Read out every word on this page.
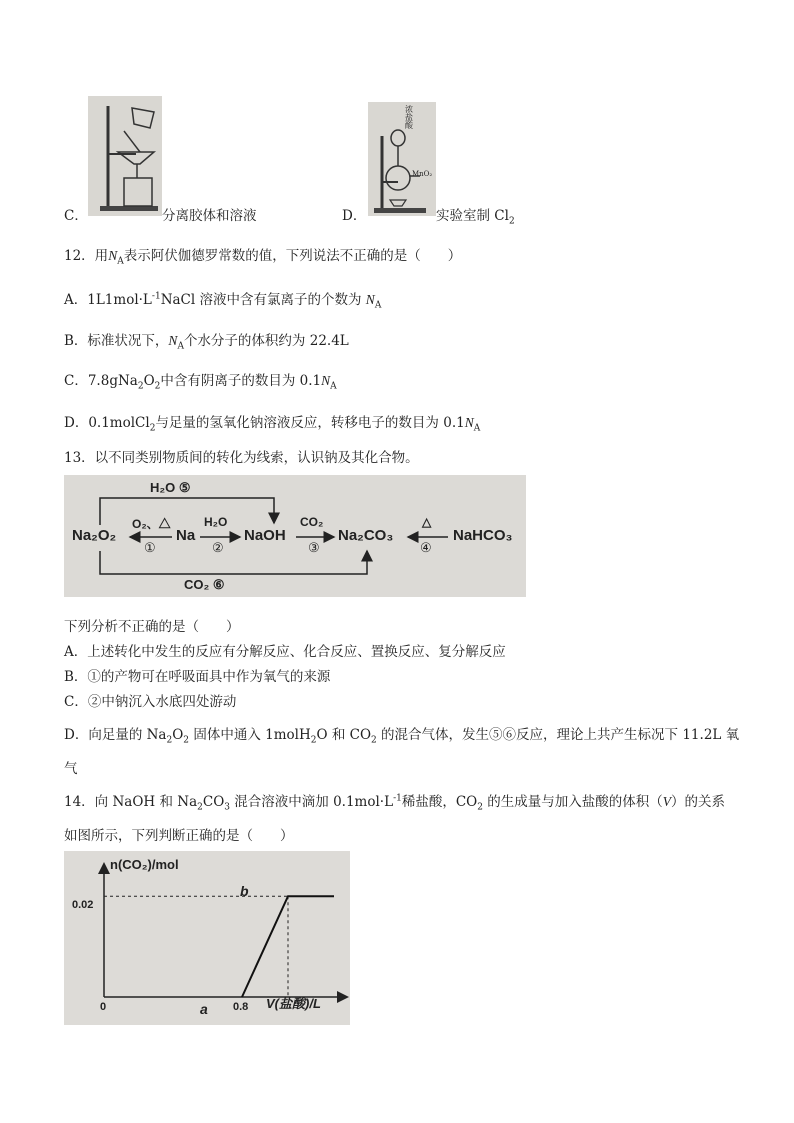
C．	分离胶体和溶液
浓
盐
酸
MnO₂
D．	实验室制 $Cl_2$
12．用$N_A$表示阿伏伽德罗常数的值，下列说法不正确的是（　　）
A．$1L1mol\cdot L^{-1}NaCl$ 溶液中含有氯离子的个数为 $N_A$
B．标准状况下，$N_A$个水分子的体积约为 22.4L
C．$7.8gNa_2O_2$中含有阴离子的数目为 $0.1N_A$
D．0.1molCl$_2$与足量的氢氧化钠溶液反应，转移电子的数目为 $0.1N_A$
13．以不同类别物质间的转化为线索，认识钠及其化合物。
H₂O ⑤
CO₂ ⑥
Na₂O₂	Na	NaOH	Na₂CO₃	NaHCO₃
O₂、△
①
H₂O
②
CO₂
③
△
④
下列分析不正确的是（　　）
A．上述转化中发生的反应有分解反应、化合反应、置换反应、复分解反应
B．①的产物可在呼吸面具中作为氧气的来源
C．②中钠沉入水底四处游动
D．向足量的 $Na_2O_2$ 固体中通入 1molH$_2$O 和 $CO_2$ 的混合气体，发生⑤⑥反应，理论上共产生标况下 11.2L 氧
气
14．向 NaOH 和 $Na_2CO_3$ 混合溶液中滴加 $0.1mol\cdot L^{-1}$稀盐酸，$CO_2$ 的生成量与加入盐酸的体积（V）的关系
如图所示，下列判断正确的是（　　）
n(CO₂)/mol
V(盐酸)/L
0
0.02
0.8
a
b
